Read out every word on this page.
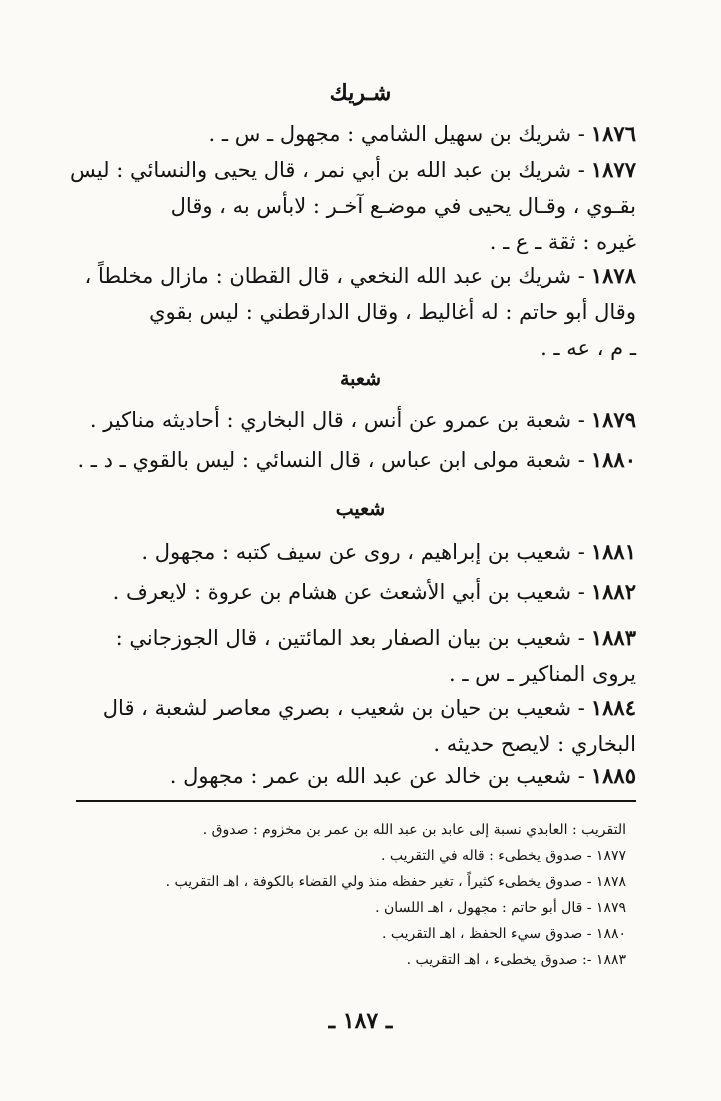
شـريك
١٨٧٦- شريك بن سهيل الشامي : مجهول ـ س ـ .
١٨٧٧- شريك بن عبد الله بن أبي نمر ، قال يحيى والنسائي : ليس
بقـوي ، وقـال يحيى في موضـع آخـر : لابأس به ، وقال
غيره : ثقة ـ ع ـ .
١٨٧٨- شريك بن عبد الله النخعي ، قال القطان : مازال مخلطاً ،
وقال أبو حاتم : له أغاليط ، وقال الدارقطني : ليس بقوي
ـ م ، عه ـ .
شعبة
١٨٧٩- شعبة بن عمرو عن أنس ، قال البخاري : أحاديثه مناكير .
١٨٨٠- شعبة مولى ابن عباس ، قال النسائي : ليس بالقوي ـ د ـ .
شعيب
١٨٨١- شعيب بن إبراهيم ، روى عن سيف كتبه : مجهول .
١٨٨٢- شعيب بن أبي الأشعث عن هشام بن عروة : لايعرف .
١٨٨٣- شعيب بن بيان الصفار بعد المائتين ، قال الجوزجاني :
يروى المناكير ـ س ـ .
١٨٨٤- شعيب بن حيان بن شعيب ، بصري معاصر لشعبة ، قال
البخاري : لايصح حديثه .
١٨٨٥- شعيب بن خالد عن عبد الله بن عمر : مجهول .
التقريب : العابدي نسبة إلى عابد بن عبد الله بن عمر بن مخزوم : صدوق .
١٨٧٧ - صدوق يخطىء : قاله في التقريب .
١٨٧٨ - صدوق يخطىء كثيراً ، تغير حفظه منذ ولي القضاء بالكوفة ، اهـ التقريب .
١٨٧٩ - قال أبو حاتم : مجهول ، اهـ اللسان .
١٨٨٠ - صدوق سيء الحفظ ، اهـ التقريب .
١٨٨٣ -: صدوق يخطىء ، اهـ التقريب .
ـ ١٨٧ ـ
